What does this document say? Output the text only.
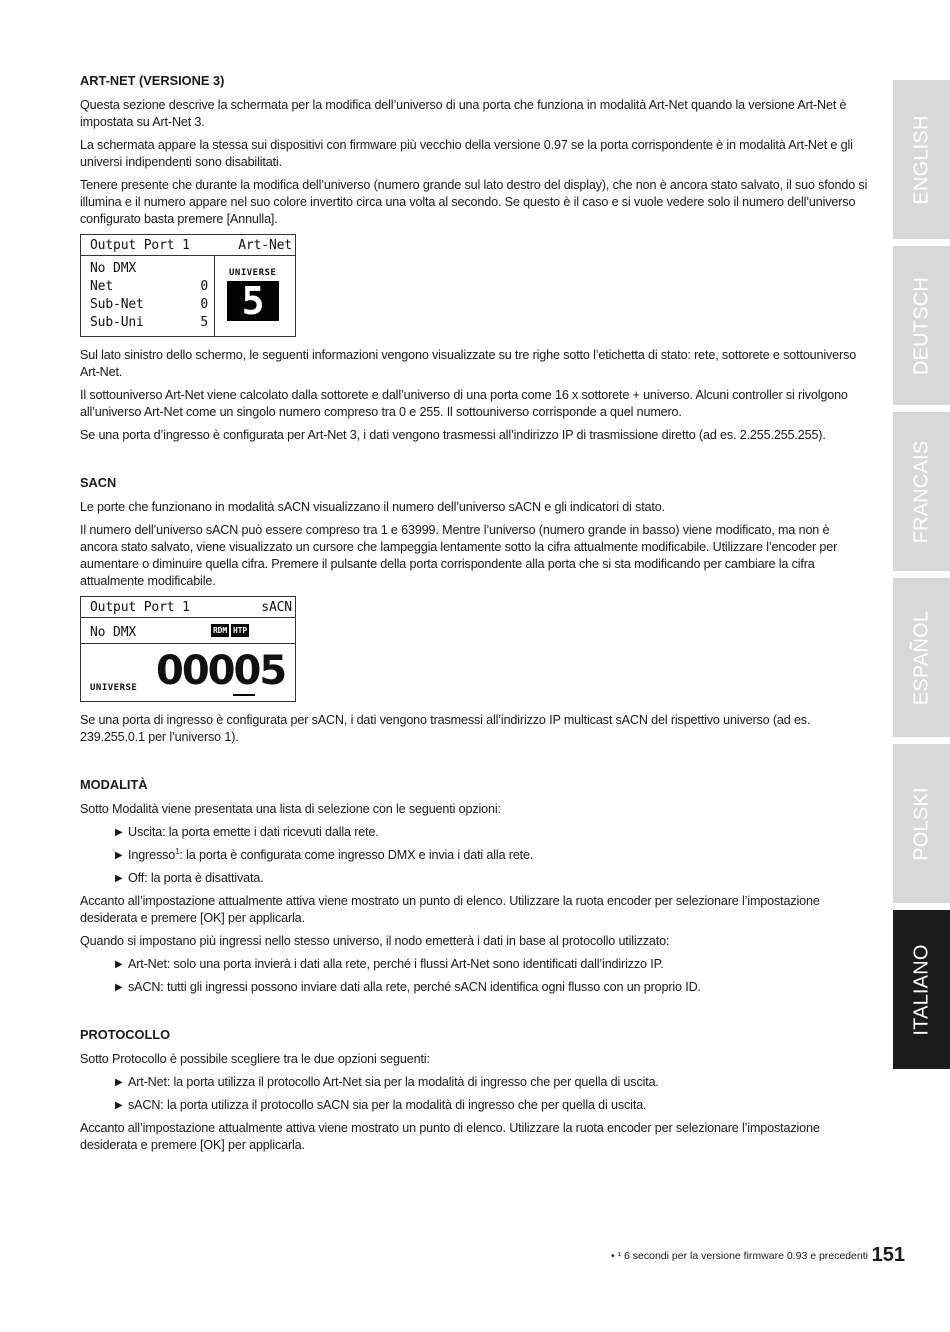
ART-NET (VERSIONE 3)

Questa sezione descrive la schermata per la modifica dell’universo di una porta che funziona in modalità Art-Net quando la versione Art-Net è impostata su Art-Net 3.

La schermata appare la stessa sui dispositivi con firmware più vecchio della versione 0.97 se la porta corrispondente è in modalità Art-Net e gli universi indipendenti sono disabilitati.

Tenere presente che durante la modifica dell’universo (numero grande sul lato destro del display), che non è ancora stato salvato, il suo sfondo si illumina e il numero appare nel suo colore invertito circa una volta al secondo. Se questo è il caso e si vuole vedere solo il numero dell’universo configurato basta premere [Annulla].

Output Port 1	Art-Net
No DMX
Net	0
Sub-Net	0
Sub-Uni	5
UNIVERSE
5

Sul lato sinistro dello schermo, le seguenti informazioni vengono visualizzate su tre righe sotto l’etichetta di stato: rete, sottorete e sottouniverso Art-Net.

Il sottouniverso Art-Net viene calcolato dalla sottorete e dall’universo di una porta come 16 x sottorete + universo. Alcuni controller si rivolgono all’universo Art-Net come un singolo numero compreso tra 0 e 255. Il sottouniverso corrisponde a quel numero.

Se una porta d’ingresso è configurata per Art-Net 3, i dati vengono trasmessi all’indirizzo IP di trasmissione diretto (ad es. 2.255.255.255).

SACN

Le porte che funzionano in modalità sACN visualizzano il numero dell’universo sACN e gli indicatori di stato.

Il numero dell’universo sACN può essere compreso tra 1 e 63999. Mentre l’universo (numero grande in basso) viene modificato, ma non è ancora stato salvato, viene visualizzato un cursore che lampeggia lentamente sotto la cifra attualmente modificabile. Utilizzare l’encoder per aumentare o diminuire quella cifra. Premere il pulsante della porta corrispondente alla porta che si sta modificando per cambiare la cifra attualmente modificabile.

Output Port 1	sACN
No DMX	RDM HTP
UNIVERSE 00005

Se una porta di ingresso è configurata per sACN, i dati vengono trasmessi all’indirizzo IP multicast sACN del rispettivo universo (ad es. 239.255.0.1 per l’universo 1).

MODALITÀ

Sotto Modalità viene presentata una lista di selezione con le seguenti opzioni:

▶ Uscita: la porta emette i dati ricevuti dalla rete.
▶ Ingresso$^1$: la porta è configurata come ingresso DMX e invia i dati alla rete.
▶ Off: la porta è disattivata.

Accanto all’impostazione attualmente attiva viene mostrato un punto di elenco. Utilizzare la ruota encoder per selezionare l’impostazione desiderata e premere [OK] per applicarla.

Quando si impostano più ingressi nello stesso universo, il nodo emetterà i dati in base al protocollo utilizzato:

▶ Art-Net: solo una porta invierà i dati alla rete, perché i flussi Art-Net sono identificati dall’indirizzo IP.
▶ sACN: tutti gli ingressi possono inviare dati alla rete, perché sACN identifica ogni flusso con un proprio ID.
PROTOCOLLO

Sotto Protocollo è possibile scegliere tra le due opzioni seguenti:

▶ Art-Net: la porta utilizza il protocollo Art-Net sia per la modalità di ingresso che per quella di uscita.
▶ sACN: la porta utilizza il protocollo sACN sia per la modalità di ingresso che per quella di uscita.

Accanto all’impostazione attualmente attiva viene mostrato un punto di elenco. Utilizzare la ruota encoder per selezionare l’impostazione desiderata e premere [OK] per applicarla.

ENGLISH
DEUTSCH
FRANCAIS
ESPAÑOL
POLSKI
ITALIANO
• ¹ 6 secondi per la versione firmware 0.93 e precedenti 151
